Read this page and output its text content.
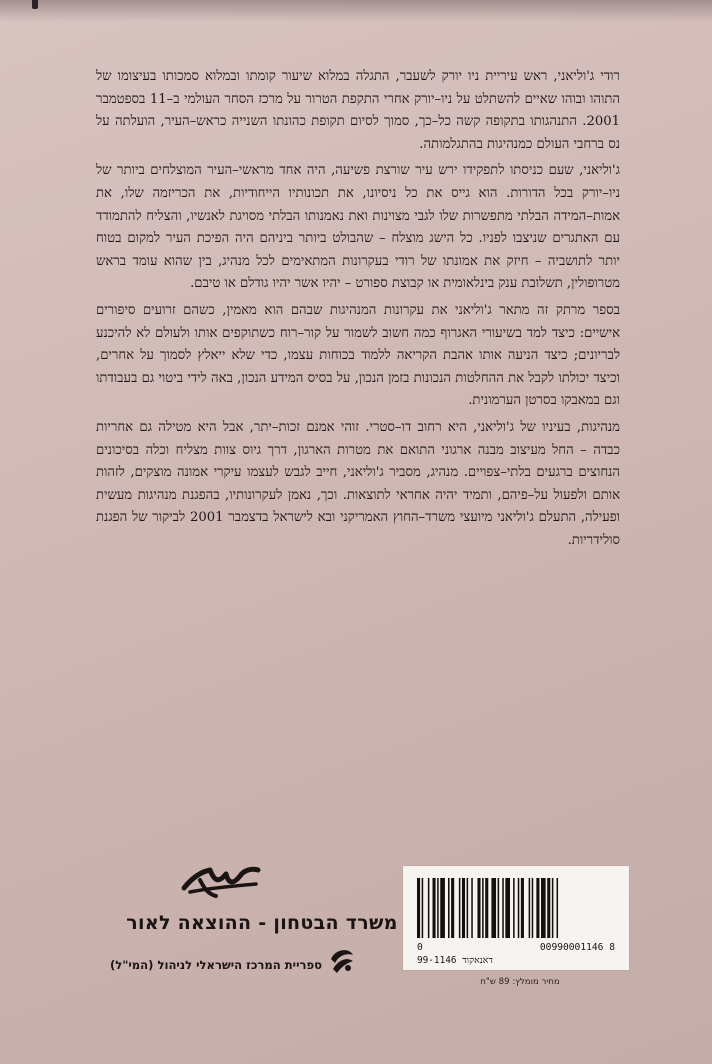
רודי ג'וליאני, ראש עיריית ניו יורק לשעבר, התגלה במלוא שיעור קומתו ובמלוא סמכותו בעיצומו של התוהו ובוהו שאיים להשתלט על ניו–יורק אחרי התקפת הטרור על מרכז הסחר העולמי ב–11 בספטמבר 2001. התנהגותו בתקופה קשה כל–כך, סמוך לסיום תקופת כהונתו השנייה כראש–העיר, הועלתה על נס ברחבי העולם כמנהיגות בהתגלמותה.

ג'וליאני, שעם כניסתו לתפקידו ירש עיר שורצת פשיעה, היה אחד מראשי–העיר המוצלחים ביותר של ניו–יורק בכל הדורות. הוא גייס את כל ניסיונו, את תכונותיו הייחודיות, את הכריזמה שלו, את אמות–המידה הבלתי מתפשרות שלו לגבי מצוינות ואת נאמנותו הבלתי מסויגת לאנשיו, והצליח להתמודד עם האתגרים שניצבו לפניו. כל הישג מוצלח – שהבולט ביותר ביניהם היה הפיכת העיר למקום בטוח יותר לתושביה – חיזק את אמונתו של רודי בעקרונות המתאימים לכל מנהיג, בין שהוא עומד בראש מטרופולין, תשלובת ענק בינלאומית או קבוצת ספורט – יהיו אשר יהיו גודלם או טיבם.

בספר מרתק זה מתאר ג'וליאני את עקרונות המנהיגות שבהם הוא מאמין, כשהם זרועים סיפורים אישיים: כיצד למד בשיעורי האגרוף כמה חשוב לשמור על קור–רוח כשתוקפים אותו ולעולם לא להיכנע לבריונים; כיצד הניעה אותו אהבת הקריאה ללמוד בכוחות עצמו, כדי שלא ייאלץ לסמוך על אחרים, וכיצד יכולתו לקבל את ההחלטות הנכונות בזמן הנכון, על בסיס המידע הנכון, באה לידי ביטוי גם בעבודתו וגם במאבקו בסרטן הערמונית.

מנהיגות, בעיניו של ג'וליאני, היא רחוב דו–סטרי. זוהי אמנם זכות–יתר, אבל היא מטילה גם אחריות כבדה – החל מעיצוב מבנה ארגוני התואם את מטרות הארגון, דרך גיוס צוות מצליח וכלה בסיכונים הנחוצים ברגעים בלתי–צפויים. מנהיג, מסביר ג'וליאני, חייב לגבש לעצמו עיקרי אמונה מוצקים, לזהות אותם ולפעול על–פיהם, ותמיד יהיה אחראי לתוצאות. וכך, נאמן לעקרונותיו, בהפגנת מנהיגות מעשית ופעילה, התעלם ג'וליאני מיועצי משרד–החוץ האמריקני ובא לישראל בדצמבר 2001 לביקור של הפגנת סולידריות.

משרד הבטחון - ההוצאה לאור
ספריית המרכז הישראלי לניהול (המי"ל)
0	00990001146 8
99-1146 דאנאקוד
מחיר מומלץ: 89 ש"ח
